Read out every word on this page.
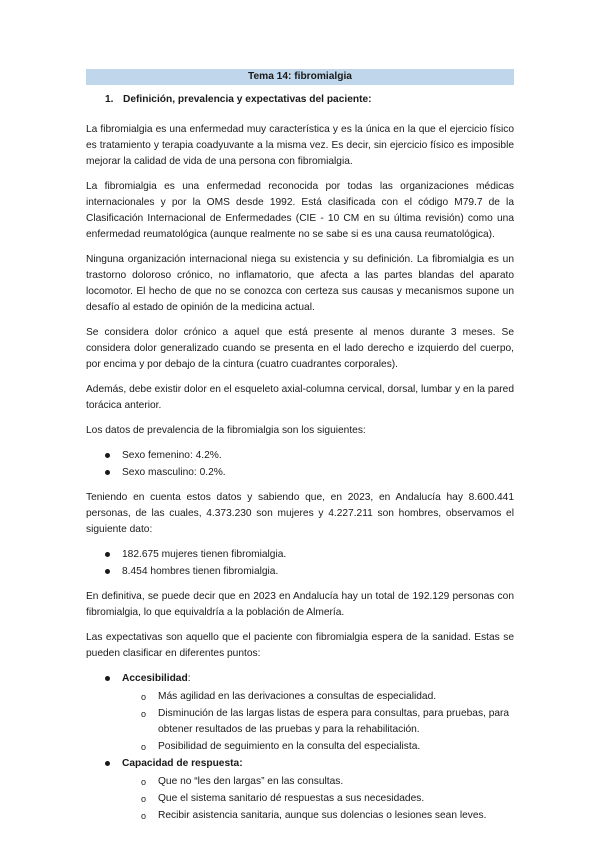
Tema 14: fibromialgia
1. Definición, prevalencia y expectativas del paciente:

La fibromialgia es una enfermedad muy característica y es la única en la que el ejercicio físico es tratamiento y terapia coadyuvante a la misma vez. Es decir, sin ejercicio físico es imposible mejorar la calidad de vida de una persona con fibromialgia.

La fibromialgia es una enfermedad reconocida por todas las organizaciones médicas internacionales y por la OMS desde 1992. Está clasificada con el código M79.7 de la Clasificación Internacional de Enfermedades (CIE - 10 CM en su última revisión) como una enfermedad reumatológica (aunque realmente no se sabe si es una causa reumatológica).

Ninguna organización internacional niega su existencia y su definición. La fibromialgia es un trastorno doloroso crónico, no inflamatorio, que afecta a las partes blandas del aparato locomotor. El hecho de que no se conozca con certeza sus causas y mecanismos supone un desafío al estado de opinión de la medicina actual.

Se considera dolor crónico a aquel que está presente al menos durante 3 meses. Se considera dolor generalizado cuando se presenta en el lado derecho e izquierdo del cuerpo, por encima y por debajo de la cintura (cuatro cuadrantes corporales).

Además, debe existir dolor en el esqueleto axial-columna cervical, dorsal, lumbar y en la pared torácica anterior.

Los datos de prevalencia de la fibromialgia son los siguientes:

Sexo femenino: 4.2%.
Sexo masculino: 0.2%.

Teniendo en cuenta estos datos y sabiendo que, en 2023, en Andalucía hay 8.600.441 personas, de las cuales, 4.373.230 son mujeres y 4.227.211 son hombres, observamos el siguiente dato:

182.675 mujeres tienen fibromialgia.
8.454 hombres tienen fibromialgia.

En definitiva, se puede decir que en 2023 en Andalucía hay un total de 192.129 personas con fibromialgia, lo que equivaldría a la población de Almería.

Las expectativas son aquello que el paciente con fibromialgia espera de la sanidad. Estas se pueden clasificar en diferentes puntos:

Accesibilidad:
o Más agilidad en las derivaciones a consultas de especialidad.
o Disminución de las largas listas de espera para consultas, para pruebas, para obtener resultados de las pruebas y para la rehabilitación.
o Posibilidad de seguimiento en la consulta del especialista.
Capacidad de respuesta:
o Que no “les den largas” en las consultas.
o Que el sistema sanitario dé respuestas a sus necesidades.
o Recibir asistencia sanitaria, aunque sus dolencias o lesiones sean leves.
